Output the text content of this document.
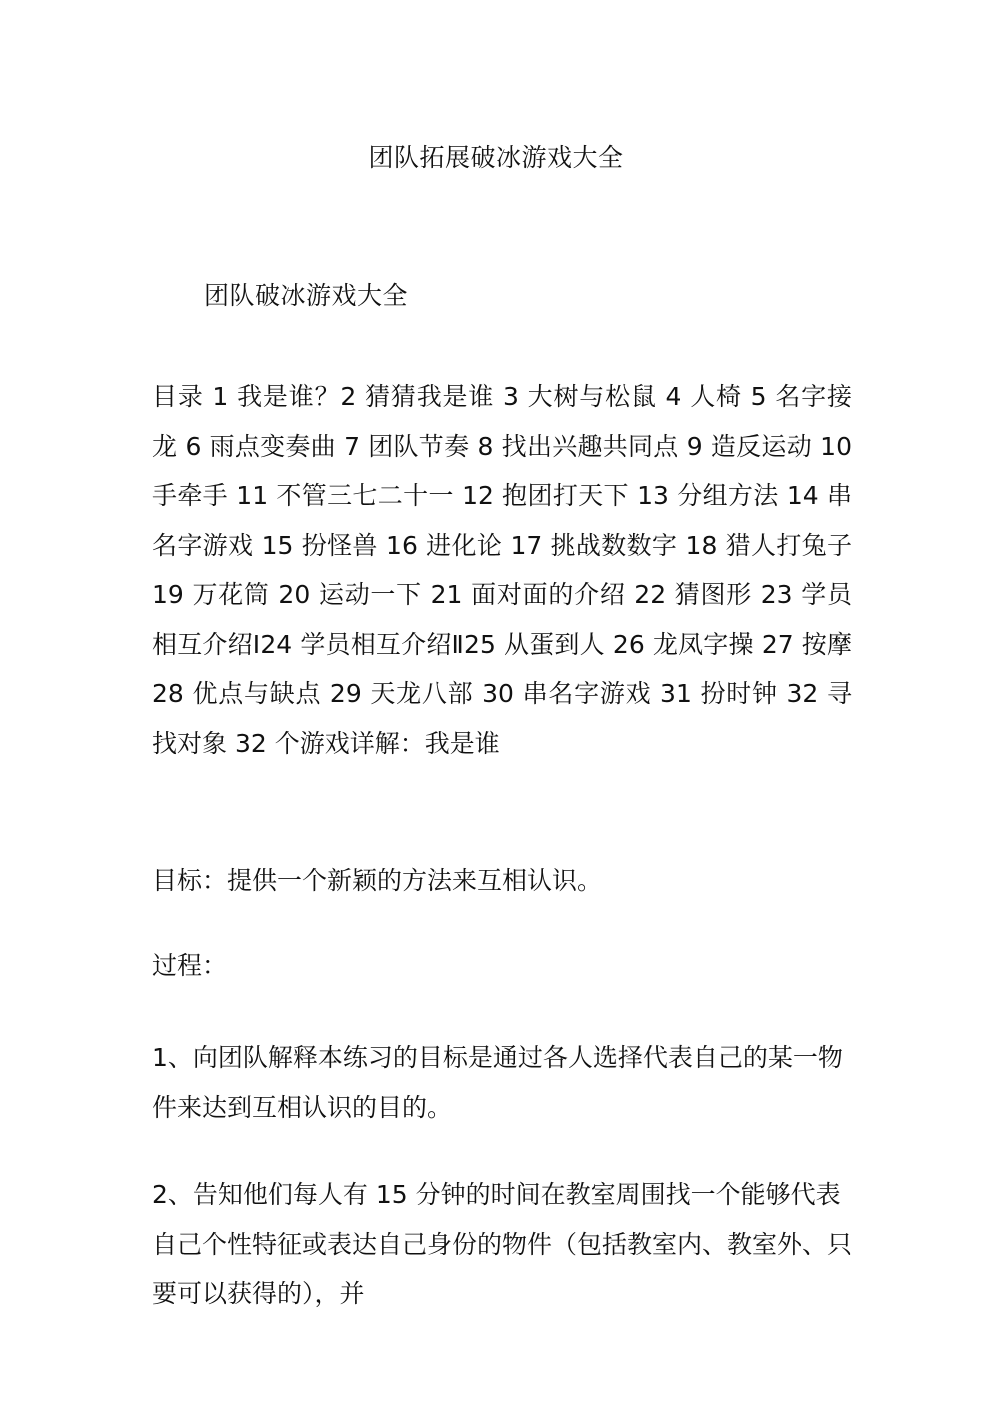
团队拓展破冰游戏大全
团队破冰游戏大全
目录 1 我是谁？2 猜猜我是谁 3 大树与松鼠 4 人椅 5 名字接龙 6 雨点变奏曲 7 团队节奏 8 找出兴趣共同点 9 造反运动 10 手牵手 11 不管三七二十一 12 抱团打天下 13 分组方法 14 串名字游戏 15 扮怪兽 16 进化论 17 挑战数数字 18 猎人打兔子 19 万花筒 20 运动一下 21 面对面的介绍 22 猜图形 23 学员相互介绍Ⅰ24 学员相互介绍Ⅱ25 从蛋到人 26 龙凤字操 27 按摩 28 优点与缺点 29 天龙八部 30 串名字游戏 31 扮时钟 32 寻找对象 32 个游戏详解：我是谁
目标：提供一个新颖的方法来互相认识。
过程：
1、向团队解释本练习的目标是通过各人选择代表自己的某一物件来达到互相认识的目的。
2、告知他们每人有 15 分钟的时间在教室周围找一个能够代表自己个性特征或表达自己身份的物件（包括教室内、教室外、只要可以获得的），并
